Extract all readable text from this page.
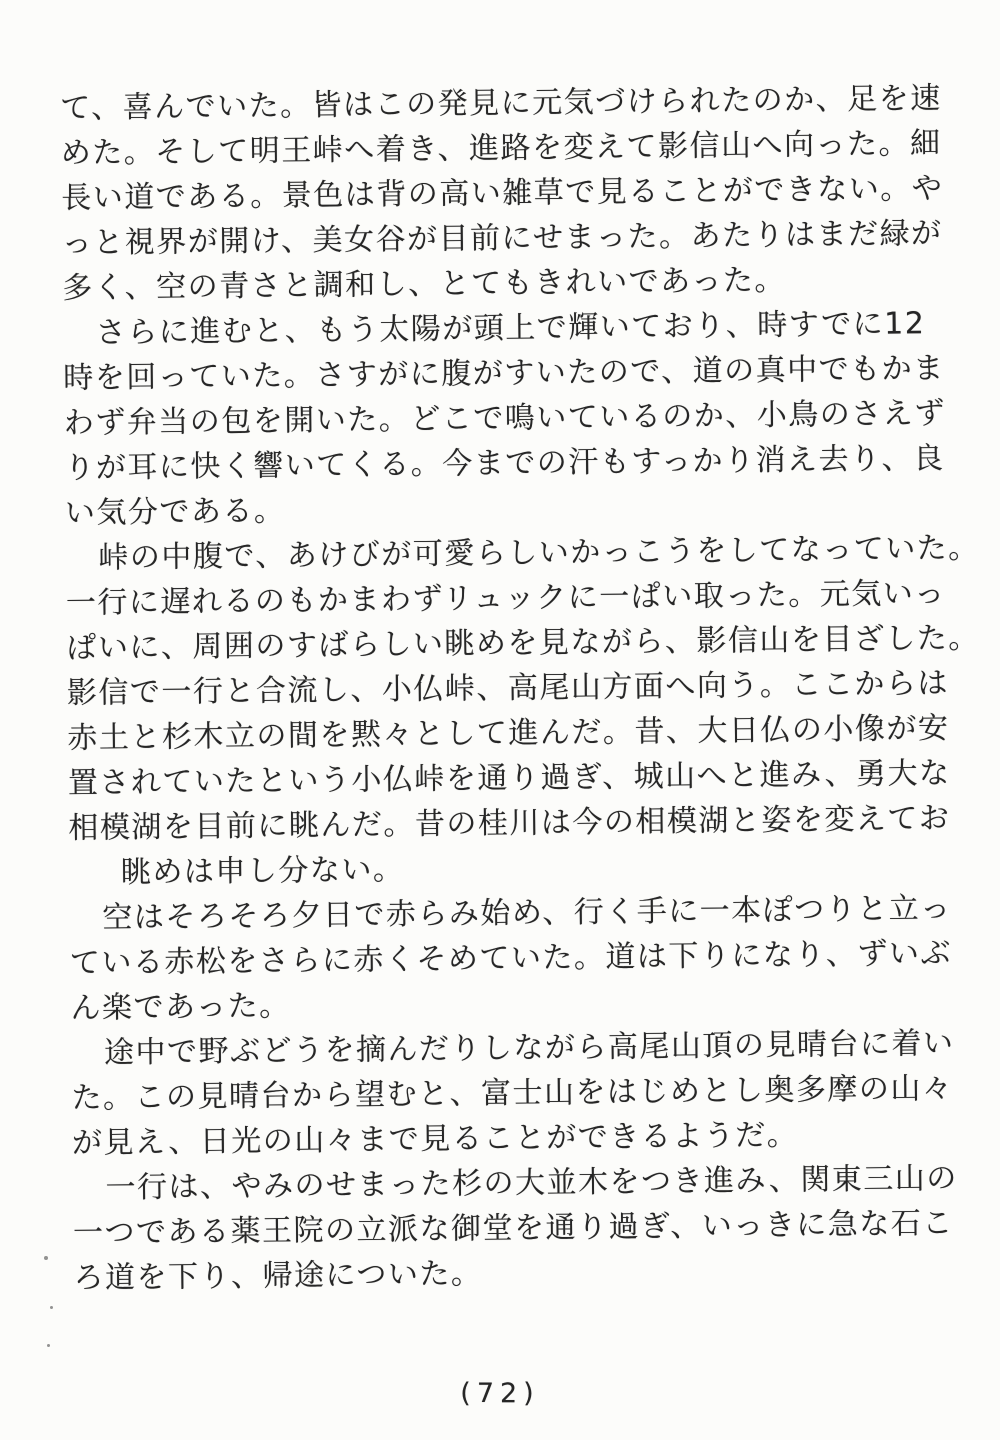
て、喜んでいた。皆はこの発見に元気づけられたのか、足を速
めた。そして明王峠へ着き、進路を変えて影信山へ向った。細
長い道である。景色は背の高い雑草で見ることができない。や
っと視界が開け、美女谷が目前にせまった。あたりはまだ緑が
多く、空の青さと調和し、とてもきれいであった。
さらに進むと、もう太陽が頭上で輝いており、時すでに12
時を回っていた。さすがに腹がすいたので、道の真中でもかま
わず弁当の包を開いた。どこで鳴いているのか、小鳥のさえず
りが耳に快く響いてくる。今までの汗もすっかり消え去り、良
い気分である。
峠の中腹で、あけびが可愛らしいかっこうをしてなっていた。
一行に遅れるのもかまわずリュックに一ぱい取った。元気いっ
ぱいに、周囲のすばらしい眺めを見ながら、影信山を目ざした。
影信で一行と合流し、小仏峠、高尾山方面へ向う。ここからは
赤土と杉木立の間を黙々として進んだ。昔、大日仏の小像が安
置されていたという小仏峠を通り過ぎ、城山へと進み、勇大な
相模湖を目前に眺んだ。昔の桂川は今の相模湖と姿を変えてお
眺めは申し分ない。
空はそろそろ夕日で赤らみ始め、行く手に一本ぽつりと立っ
ている赤松をさらに赤くそめていた。道は下りになり、ずいぶ
ん楽であった。
途中で野ぶどうを摘んだりしながら高尾山頂の見晴台に着い
た。この見晴台から望むと、富士山をはじめとし奥多摩の山々
が見え、日光の山々まで見ることができるようだ。
一行は、やみのせまった杉の大並木をつき進み、関東三山の
一つである薬王院の立派な御堂を通り過ぎ、いっきに急な石こ
ろ道を下り、帰途についた。
(72)
